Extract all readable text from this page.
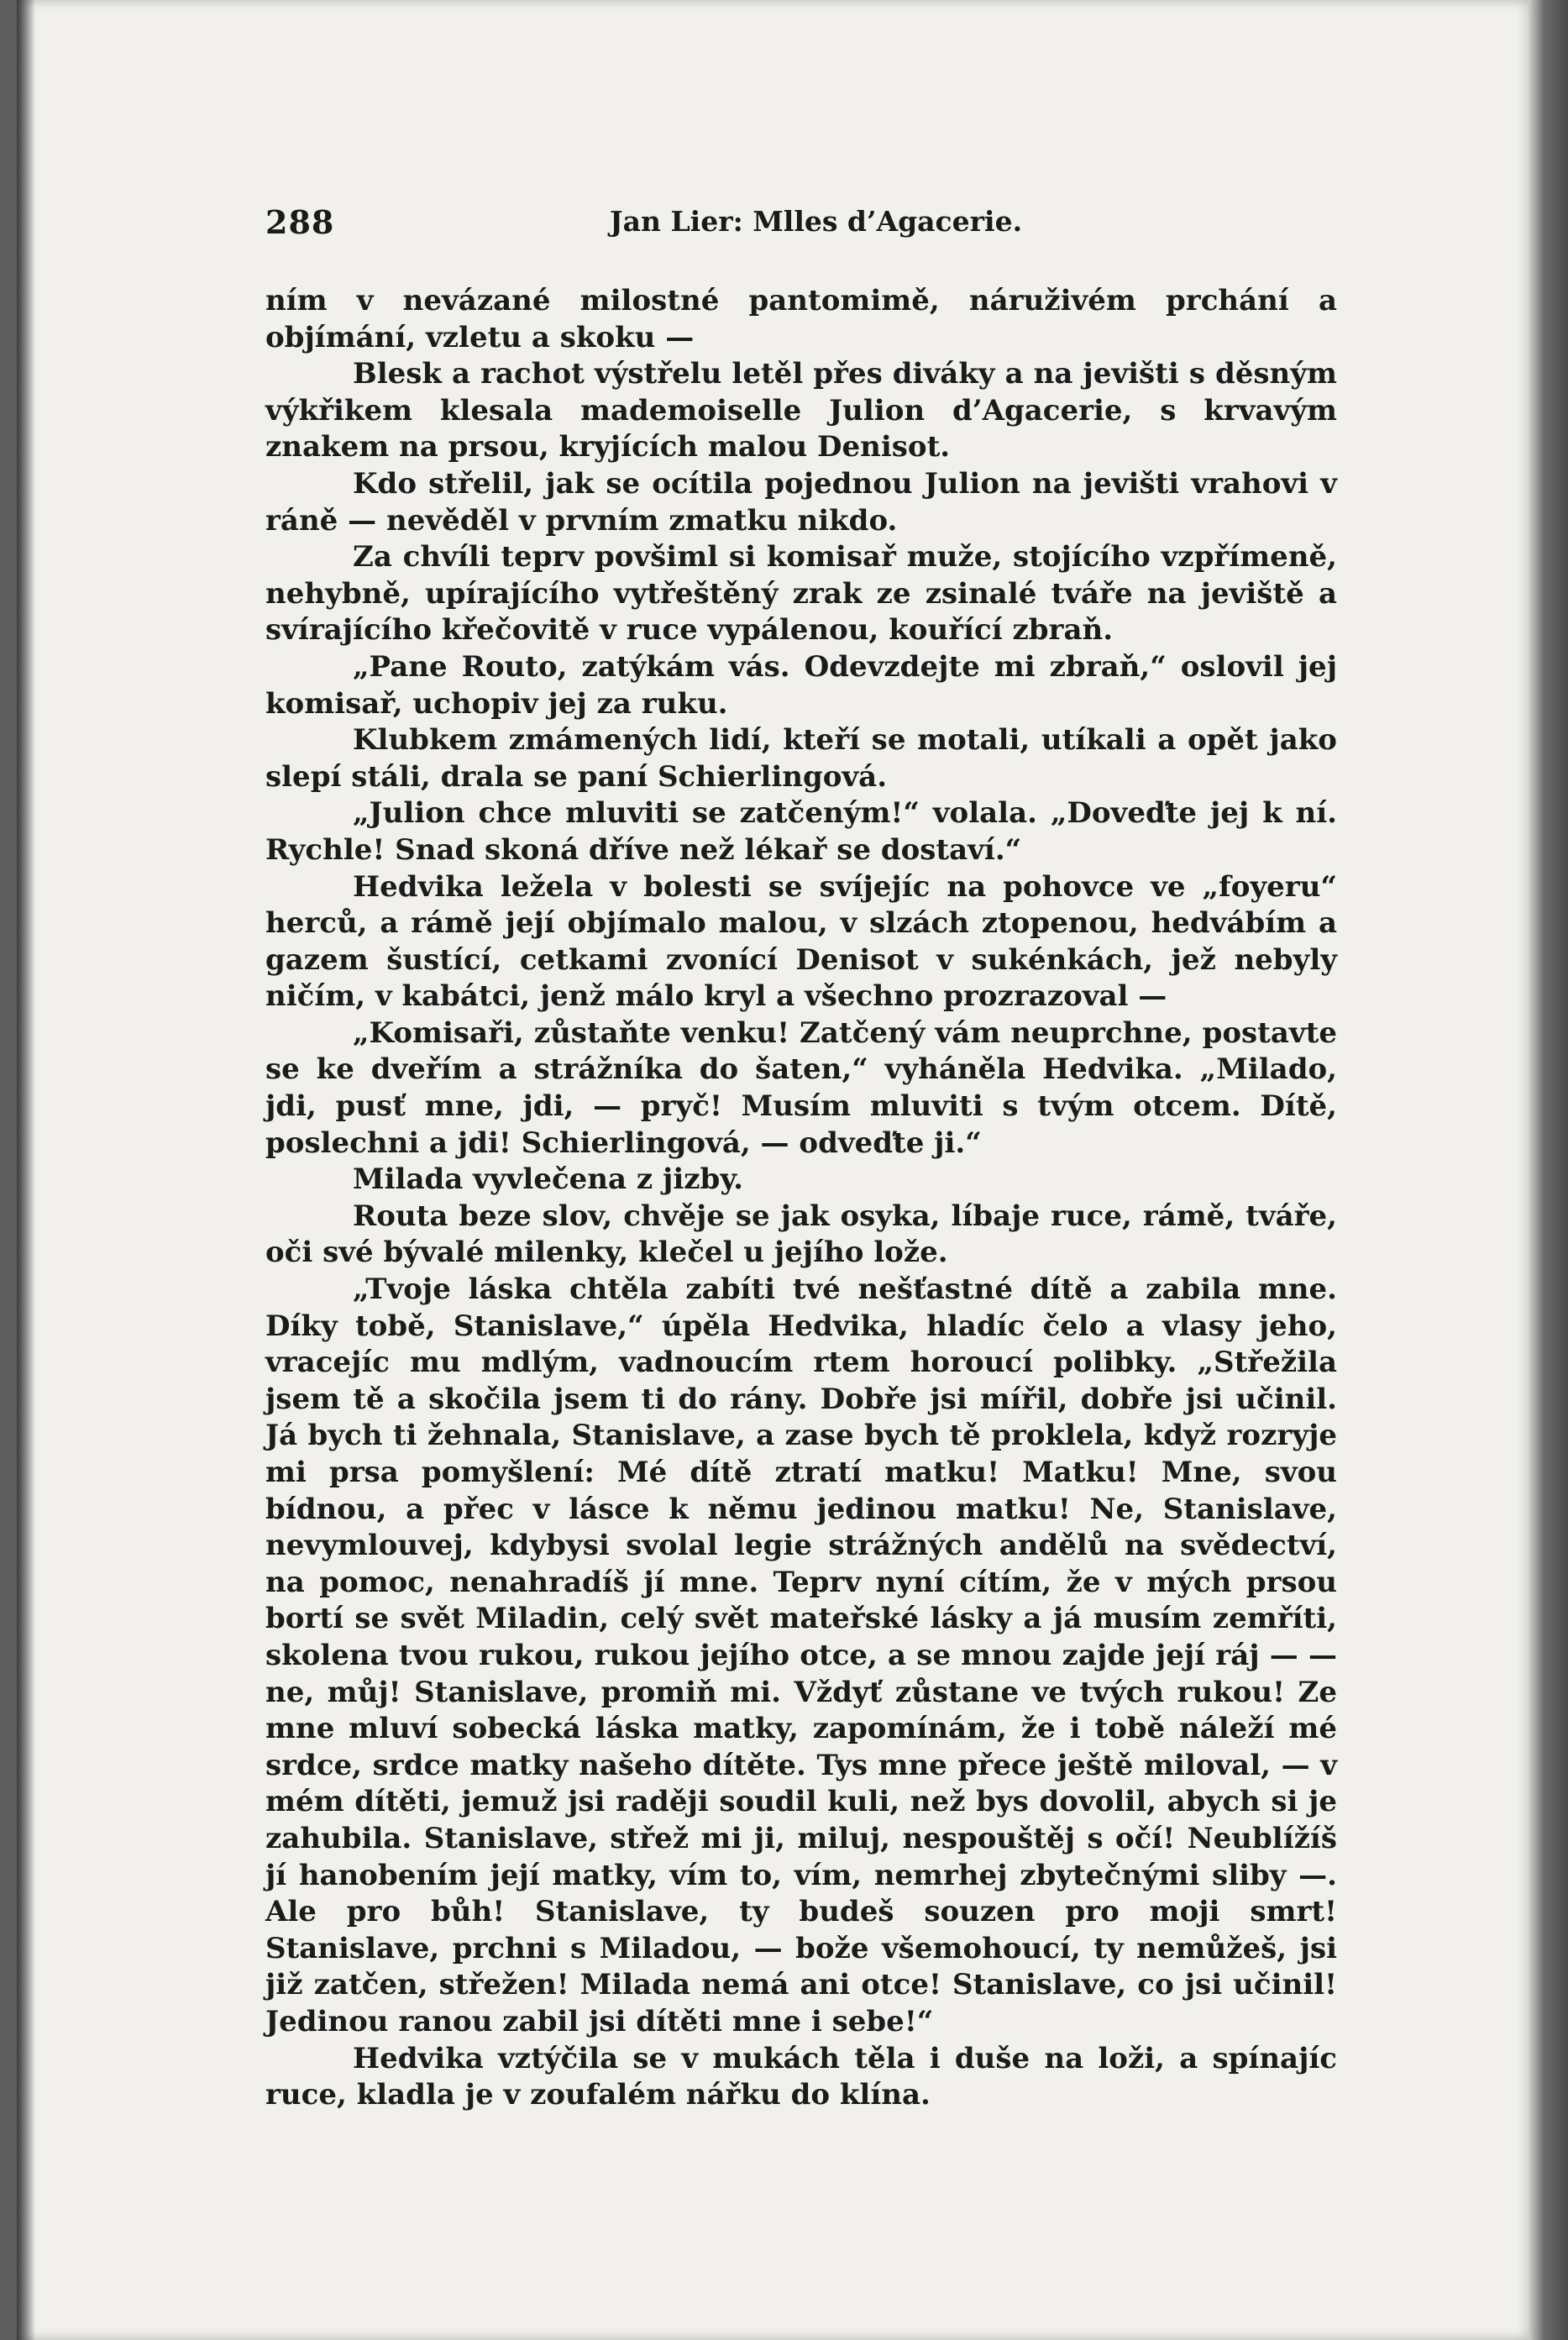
288	Jan Lier: Mlles d’Agacerie.

ním v nevázané milostné pantomimě, náruživém prchání a objímání, vzletu a skoku —

Blesk a rachot výstřelu letěl přes diváky a na jevišti s děsným výkřikem klesala mademoiselle Julion d’Agacerie, s krvavým znakem na prsou, kryjících malou Denisot.

Kdo střelil, jak se ocítila pojednou Julion na jevišti vrahovi v ráně — nevěděl v prvním zmatku nikdo.

Za chvíli teprv povšiml si komisař muže, stojícího vzpřímeně, nehybně, upírajícího vytřeštěný zrak ze zsinalé tváře na jeviště a svírajícího křečovitě v ruce vypálenou, kouřící zbraň.

„Pane Routo, zatýkám vás. Odevzdejte mi zbraň,“ oslovil jej komisař, uchopiv jej za ruku.

Klubkem zmámených lidí, kteří se motali, utíkali a opět jako slepí stáli, drala se paní Schierlingová.

„Julion chce mluviti se zatčeným!“ volala. „Doveďte jej k ní. Rychle! Snad skoná dříve než lékař se dostaví.“

Hedvika ležela v bolesti se svíjejíc na pohovce ve „foyeru“ herců, a rámě její objímalo malou, v slzách ztopenou, hedvábím a gazem šustící, cetkami zvonící Denisot v sukénkách, jež nebyly ničím, v kabátci, jenž málo kryl a všechno prozrazoval —

„Komisaři, zůstaňte venku! Zatčený vám neuprchne, postavte se ke dveřím a strážníka do šaten,“ vyháněla Hedvika. „Milado, jdi, pusť mne, jdi, — pryč! Musím mluviti s tvým otcem. Dítě, poslechni a jdi! Schierlingová, — odveďte ji.“

Milada vyvlečena z jizby.

Routa beze slov, chvěje se jak osyka, líbaje ruce, rámě, tváře, oči své bývalé milenky, klečel u jejího lože.

„Tvoje láska chtěla zabíti tvé nešťastné dítě a zabila mne. Díky tobě, Stanislave,“ úpěla Hedvika, hladíc čelo a vlasy jeho, vracejíc mu mdlým, vadnoucím rtem horoucí polibky. „Střežila jsem tě a skočila jsem ti do rány. Dobře jsi mířil, dobře jsi učinil. Já bych ti žehnala, Stanislave, a zase bych tě proklela, když rozryje mi prsa pomyšlení: Mé dítě ztratí matku! Matku! Mne, svou bídnou, a přec v lásce k němu jedinou matku! Ne, Stanislave, nevymlouvej, kdybysi svolal legie strážných andělů na svědectví, na pomoc, nenahradíš jí mne. Teprv nyní cítím, že v mých prsou bortí se svět Miladin, celý svět mateřské lásky a já musím zemříti, skolena tvou rukou, rukou jejího otce, a se mnou zajde její ráj — — ne, můj! Stanislave, promiň mi. Vždyť zůstane ve tvých rukou! Ze mne mluví sobecká láska matky, zapomínám, že i tobě náleží mé srdce, srdce matky našeho dítěte. Tys mne přece ještě miloval, — v mém dítěti, jemuž jsi raději soudil kuli, než bys dovolil, abych si je zahubila. Stanislave, střež mi ji, miluj, nespouštěj s očí! Neublížíš jí hanobením její matky, vím to, vím, nemrhej zbytečnými sliby —. Ale pro bůh! Stanislave, ty budeš souzen pro moji smrt! Stanislave, prchni s Miladou, — bože všemohoucí, ty nemůžeš, jsi již zatčen, střežen! Milada nemá ani otce! Stanislave, co jsi učinil! Jedinou ranou zabil jsi dítěti mne i sebe!“

Hedvika vztýčila se v mukách těla i duše na loži, a spínajíc ruce, kladla je v zoufalém nářku do klína.
